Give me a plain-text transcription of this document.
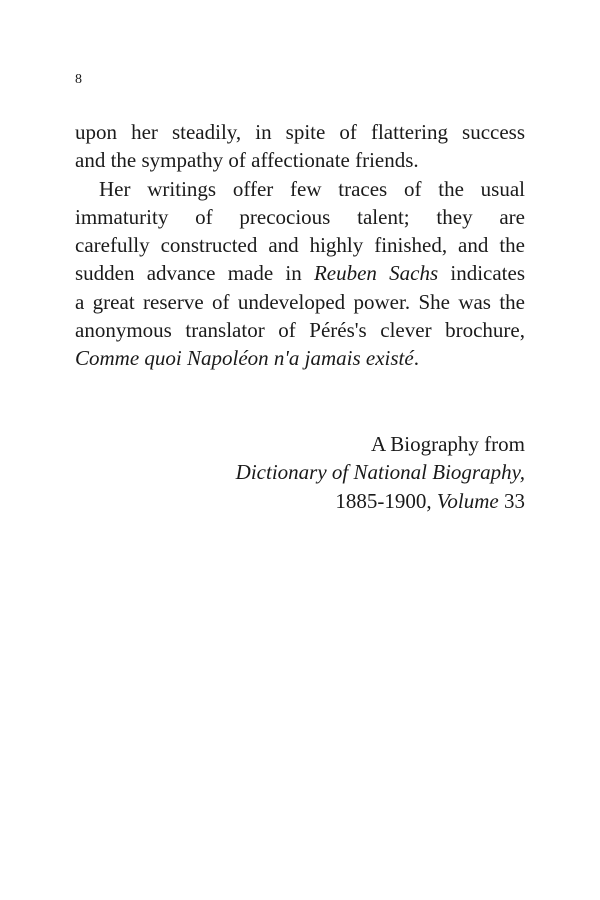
8
upon her steadily, in spite of flattering success
and the sympathy of affectionate friends.
Her writings offer few traces of the usual
immaturity of precocious talent; they are
carefully constructed and highly finished, and the
sudden advance made in Reuben Sachs indicates
a great reserve of undeveloped power. She was the
anonymous translator of Pérés's clever brochure,
Comme quoi Napoléon n'a jamais existé.
A Biography from
Dictionary of National Biography,
1885-1900, Volume 33
